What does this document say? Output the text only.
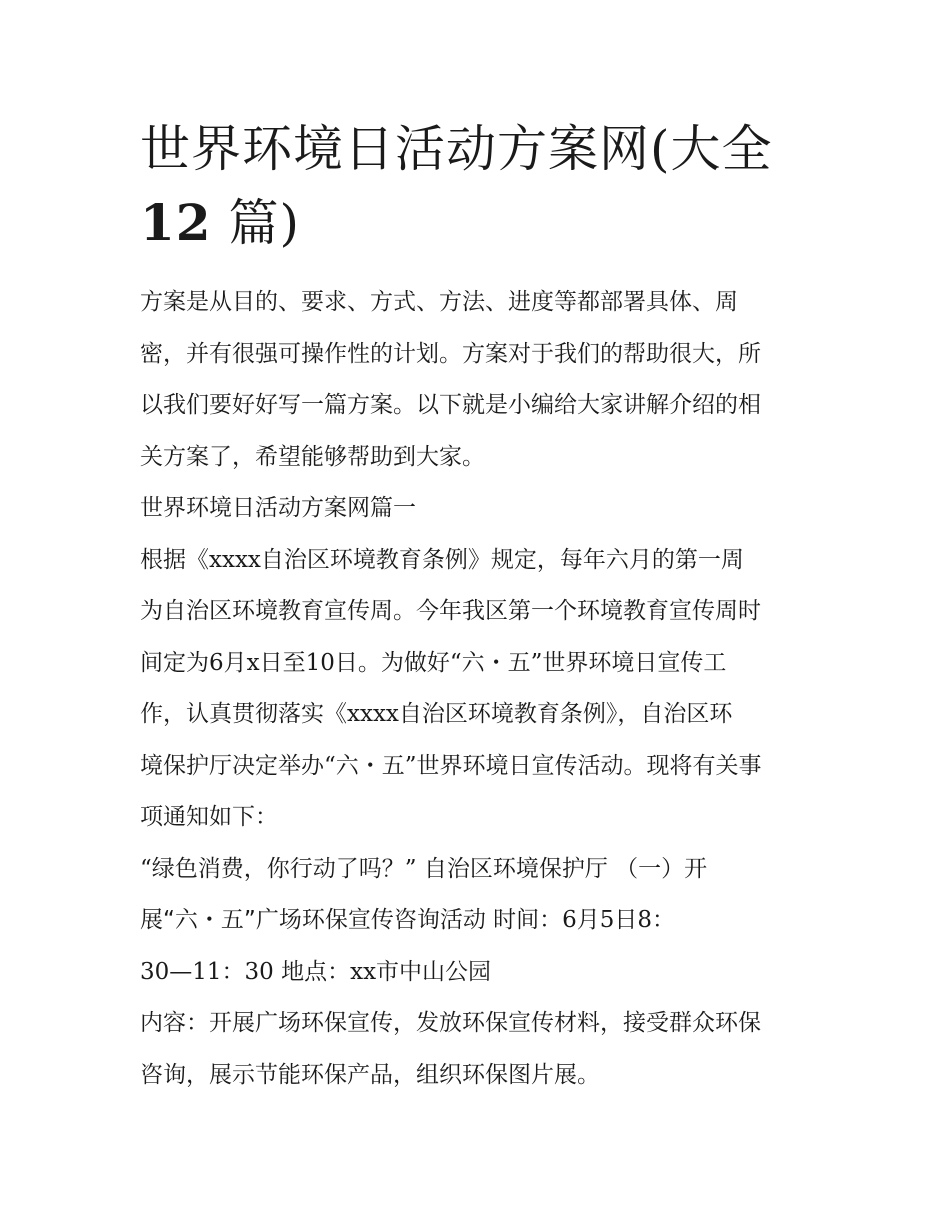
世界环境日活动方案网(大全
12 篇)

方案是从目的、要求、方式、方法、进度等都部署具体、周

密，并有很强可操作性的计划。方案对于我们的帮助很大，所

以我们要好好写一篇方案。以下就是小编给大家讲解介绍的相

关方案了，希望能够帮助到大家。

世界环境日活动方案网篇一

根据《xxxx自治区环境教育条例》规定，每年六月的第一周

为自治区环境教育宣传周。今年我区第一个环境教育宣传周时

间定为6月x日至10日。为做好“六・五”世界环境日宣传工

作，认真贯彻落实《xxxx自治区环境教育条例》，自治区环

境保护厅决定举办“六・五”世界环境日宣传活动。现将有关事

项通知如下：

“绿色消费，你行动了吗？” 自治区环境保护厅 （一）开

展“六・五”广场环保宣传咨询活动 时间：6月5日8：

30—11：30 地点：xx市中山公园

内容：开展广场环保宣传，发放环保宣传材料，接受群众环保

咨询，展示节能环保产品，组织环保图片展。
